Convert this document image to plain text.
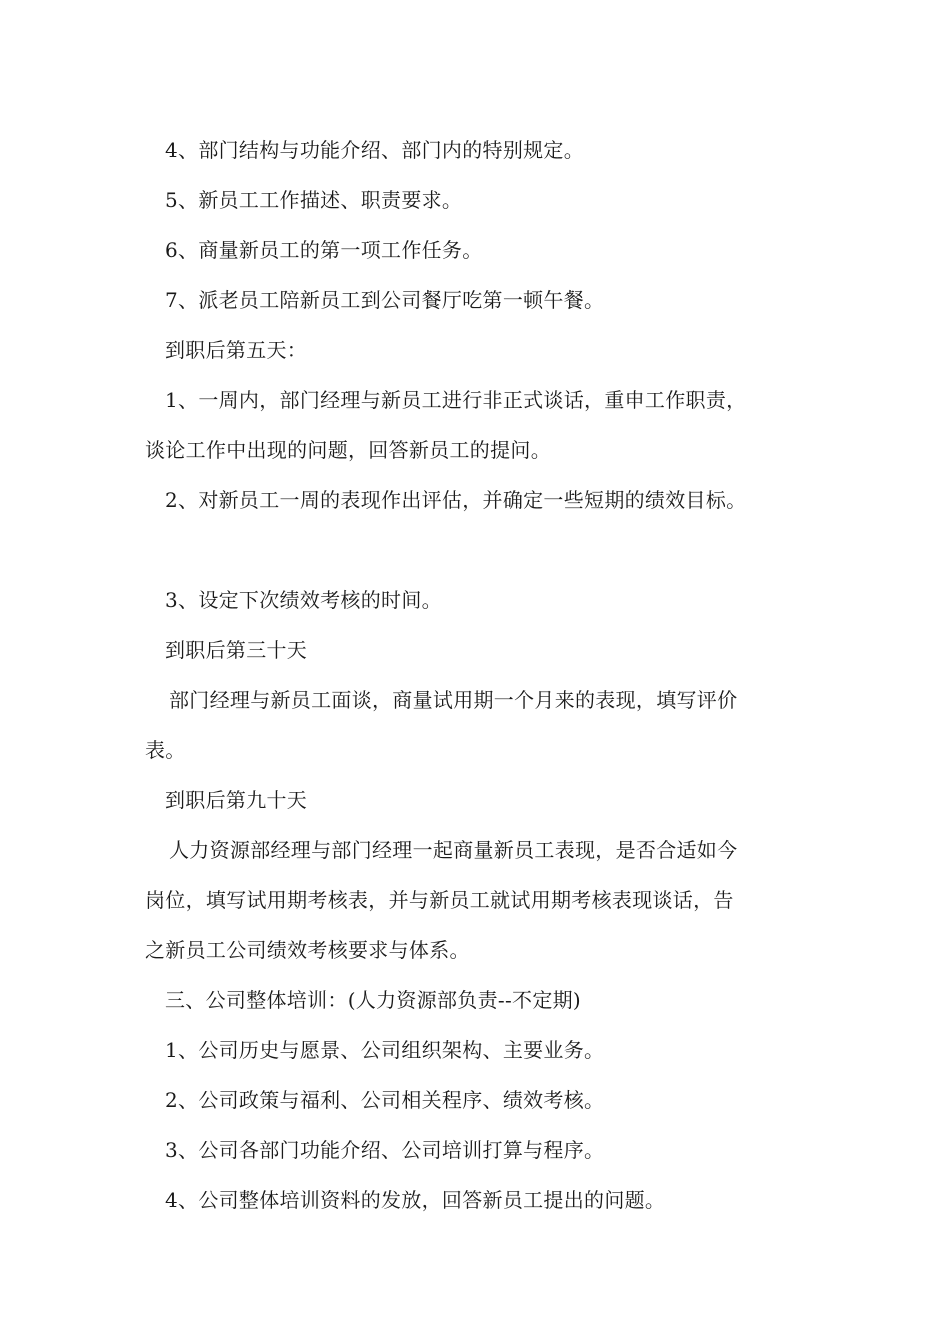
4、部门结构与功能介绍、部门内的特别规定。

5、新员工工作描述、职责要求。

6、商量新员工的第一项工作任务。

7、派老员工陪新员工到公司餐厅吃第一顿午餐。

到职后第五天：

1、一周内，部门经理与新员工进行非正式谈话，重申工作职责，

谈论工作中出现的问题，回答新员工的提问。

2、对新员工一周的表现作出评估，并确定一些短期的绩效目标。

3、设定下次绩效考核的时间。

到职后第三十天

部门经理与新员工面谈，商量试用期一个月来的表现，填写评价

表。

到职后第九十天

人力资源部经理与部门经理一起商量新员工表现，是否合适如今

岗位，填写试用期考核表，并与新员工就试用期考核表现谈话，告

之新员工公司绩效考核要求与体系。

三、公司整体培训：(人力资源部负责--不定期)

1、公司历史与愿景、公司组织架构、主要业务。

2、公司政策与福利、公司相关程序、绩效考核。

3、公司各部门功能介绍、公司培训打算与程序。

4、公司整体培训资料的发放，回答新员工提出的问题。
